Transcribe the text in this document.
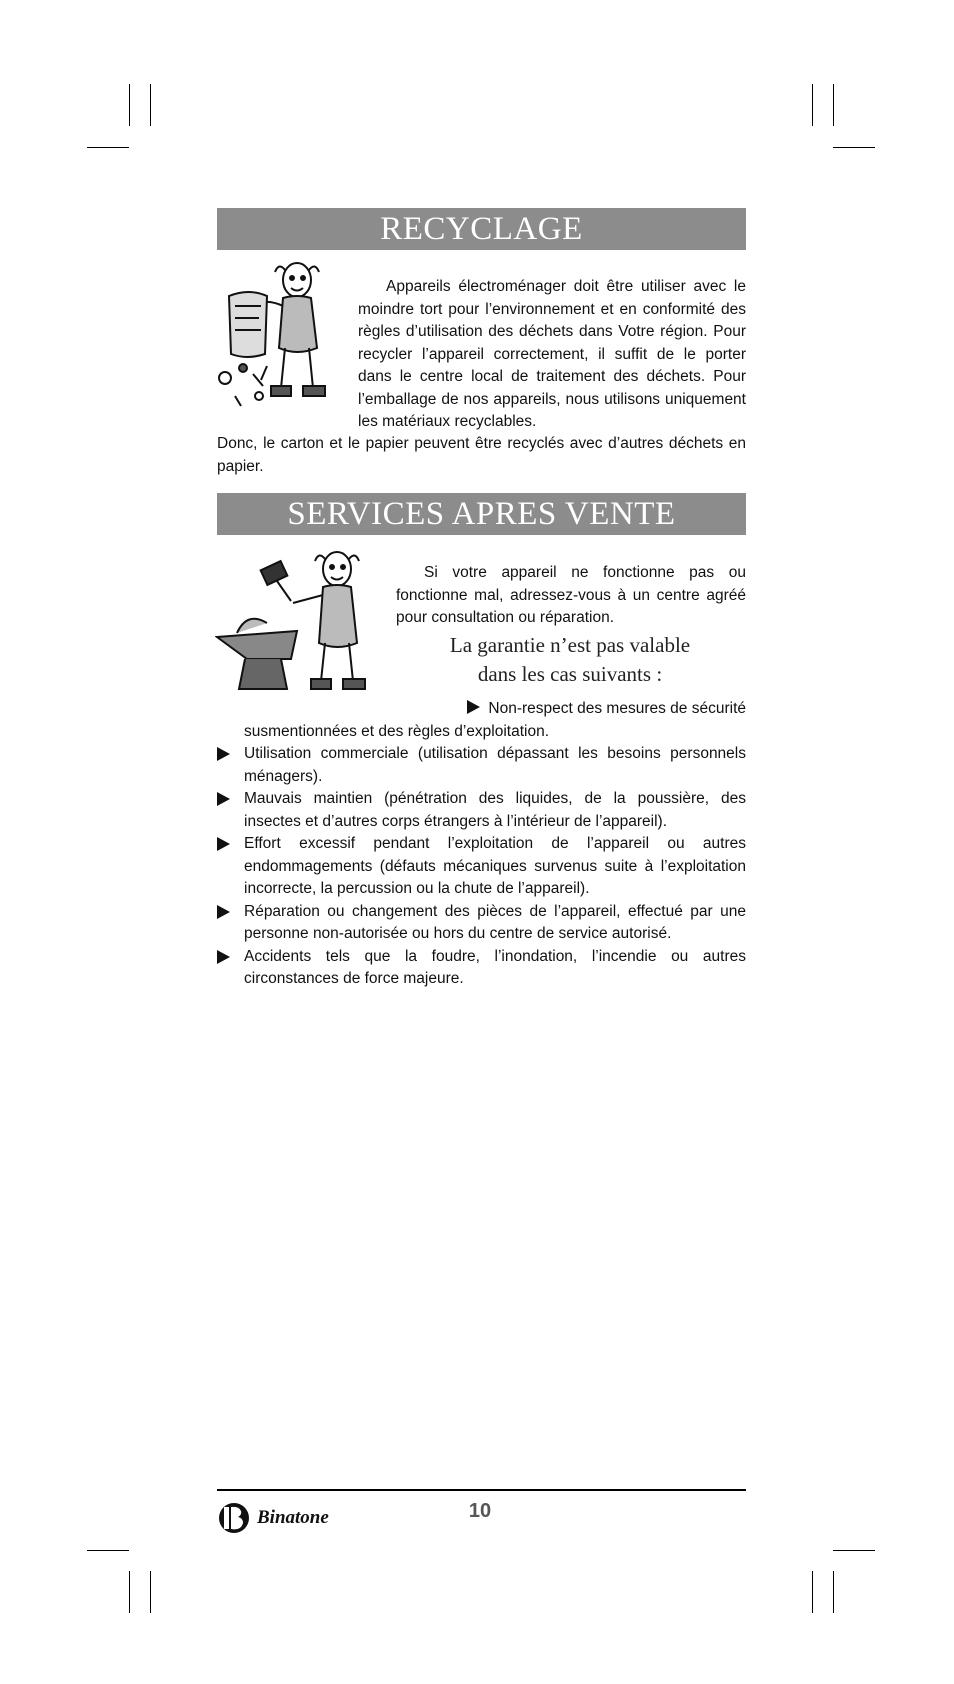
RECYCLAGE

Appareils électroménager doit être utiliser avec le moindre tort pour l’environnement et en conformité des règles d’utilisation des déchets dans Votre région. Pour recycler l’appareil correctement, il suffit de le porter dans le centre local de traitement des déchets. Pour l’emballage de nos appareils, nous utilisons uniquement les matériaux recyclables.

Donc, le carton et le papier peuvent être recyclés avec d’autres déchets en papier.

SERVICES APRES VENTE

Si votre appareil ne fonctionne pas ou fonctionne mal, adressez-vous à un centre agréé pour consultation ou réparation.

La garantie n’est pas valable
dans les cas suivants :
Non-respect des mesures de sécurité
susmentionnées et des règles d’exploitation.
Utilisation commerciale (utilisation dépassant les besoins personnels ménagers).
Mauvais maintien (pénétration des liquides, de la poussière, des insectes et d’autres corps étrangers à l’intérieur de l’appareil).
Effort excessif pendant l’exploitation de l’appareil ou autres endommagements (défauts mécaniques survenus suite à l’exploitation incorrecte, la percussion ou la chute de l’appareil).
Réparation ou changement des pièces de l’appareil, effectué par une personne non-autorisée ou hors du centre de service autorisé.
Accidents tels que la foudre, l’inondation, l’incendie ou autres circonstances de force majeure.
Binatone	10
